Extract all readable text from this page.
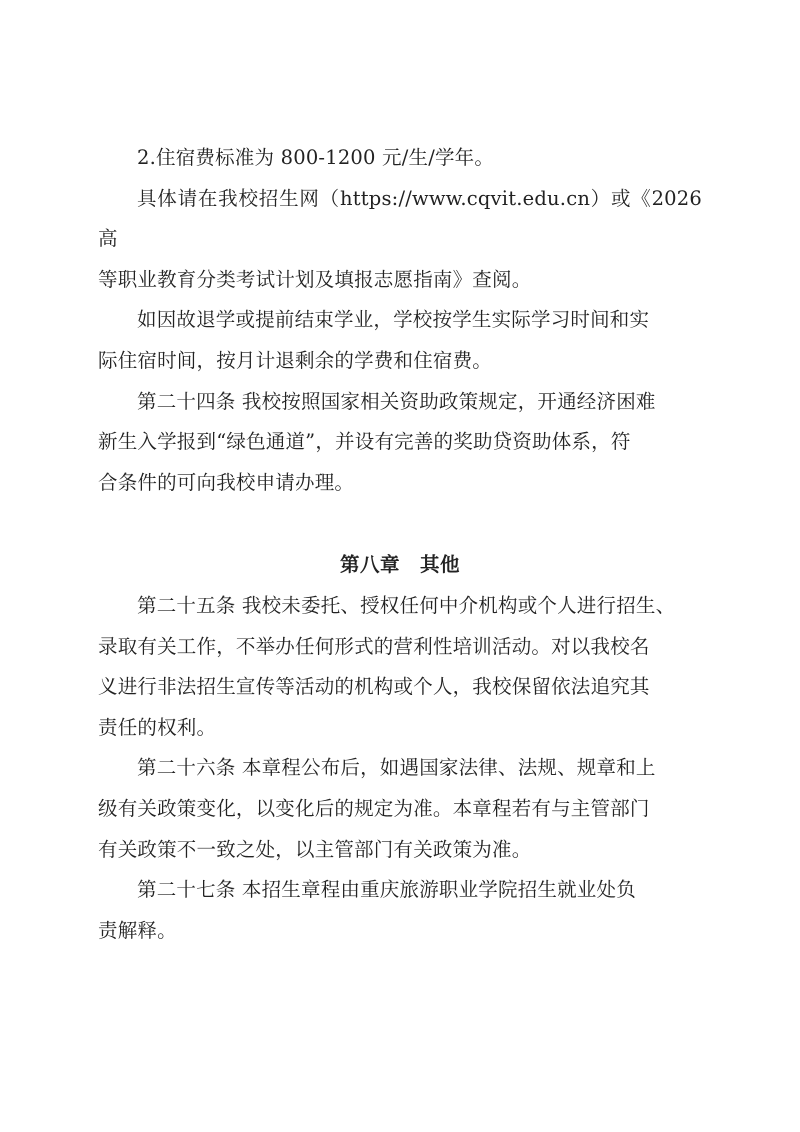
2.住宿费标准为 800-1200 元/生/学年。

具体请在我校招生网（https://www.cqvit.edu.cn）或《2026 高
等职业教育分类考试计划及填报志愿指南》查阅。

如因故退学或提前结束学业，学校按学生实际学习时间和实
际住宿时间，按月计退剩余的学费和住宿费。

第二十四条 我校按照国家相关资助政策规定，开通经济困难
新生入学报到“绿色通道”，并设有完善的奖助贷资助体系，符
合条件的可向我校申请办理。

第八章　其他

第二十五条 我校未委托、授权任何中介机构或个人进行招生、
录取有关工作，不举办任何形式的营利性培训活动。对以我校名
义进行非法招生宣传等活动的机构或个人，我校保留依法追究其
责任的权利。

第二十六条 本章程公布后，如遇国家法律、法规、规章和上
级有关政策变化，以变化后的规定为准。本章程若有与主管部门
有关政策不一致之处，以主管部门有关政策为准。

第二十七条 本招生章程由重庆旅游职业学院招生就业处负
责解释。
